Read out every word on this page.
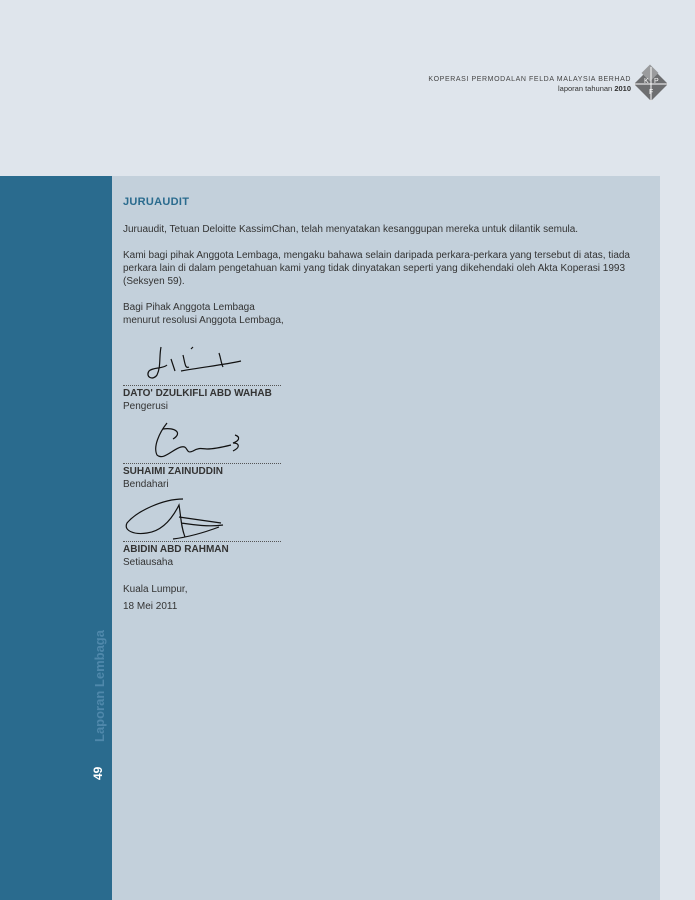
KOPERASI PERMODALAN FELDA MALAYSIA BERHAD
laporan tahunan 2010
K P
F
Laporan Lembaga
49
JURUAUDIT

Juruaudit, Tetuan Deloitte KassimChan, telah menyatakan kesanggupan mereka untuk dilantik semula.

Kami bagi pihak Anggota Lembaga, mengaku bahawa selain daripada perkara-perkara yang tersebut di atas, tiada perkara lain di dalam pengetahuan kami yang tidak dinyatakan seperti yang dikehendaki oleh Akta Koperasi 1993 (Seksyen 59).

Bagi Pihak Anggota Lembaga
menurut resolusi Anggota Lembaga,
DATO' DZULKIFLI ABD WAHAB
Pengerusi
SUHAIMI ZAINUDDIN
Bendahari
ABIDIN ABD RAHMAN
Setiausaha
Kuala Lumpur,
18 Mei 2011
